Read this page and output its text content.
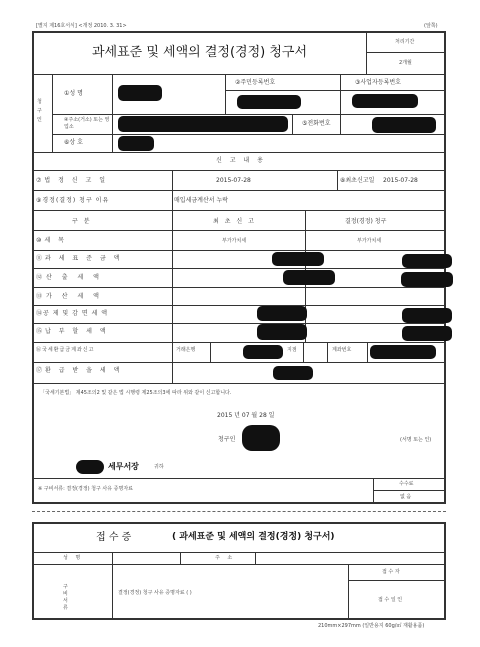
[별지 제16호서식] <개정 2010. 3. 31>	(앞쪽)
과세표준 및 세액의 결정(경정) 청구서
처리기간
2개월
청 구 인
①성 명
②주민등록번호	③사업자등록번호
④주소(거소) 또는 영업소	⑤전화번호
⑥상 호
신 고 내 용
⑦법 정 신 고 일	2015-07-28	⑧최초신고일 2015-07-28
⑨경정(결정) 청구 이유	매입세금계산서 누락
구 분	최 초 신 고	결정(경정) 청구
⑩세 목	부가가치세	부가가치세
⑪과 세 표 준 금 액
⑫산 출 세 액
⑬가 산 세 액
⑭공 제 및 감 면 세 액
⑮납 부 할 세 액
⑯국세환급금계좌신고	거래은행	지점	계좌번호
⑰환 급 받 을 세 액
「국세기본법」 제45조의2 및 같은 법 시행령 제25조의3에 따라 위와 같이 신고합니다.
2015 년 07 월 28 일
청구인	(서명 또는 인)
세무서장	귀하
※ 구비서류: 결정(경정) 청구 사유 증명자료
수수료
없 음
접 수 증	( 과세표준 및 세액의 결정(경정) 청구서)
성 명	주 소
구 비 서 류
결정(경정) 청구 사유 증명자료 ( )
접 수 자
접 수 일 인
210mm×297mm (일반용지 60g/㎡ 재활용품)
